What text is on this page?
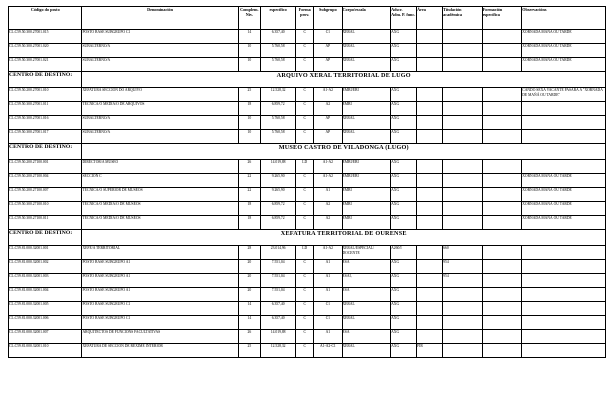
Código do posto	Denominación	Complem.
Niv.	específico	Forma
prov.	Subgrupo	Corpo/escala	Adscr.
Adm. P. func.	Área	Titulación
académica	Formación
específica	Observacións
CL.C59.50.300.27001.015	POSTO BASE SUBGRUPO C1	14	6.357,40	C	C1	XERAL	AXG				XORNADA MAÑA OU TARDE
CL.C59.50.300.27001.020	SUBALTERNO/A	10	5.760,58	C	AP	XERAL	AXG				XORNADA MAÑA OU TARDE
CL.C59.50.300.27001.021	SUBALTERNO/A	10	5.760,58	C	AP	XERAL	AXG				XORNADA MAÑA OU TARDE
CENTRO DE DESTINO:	ARQUIVO XERAL TERRITORIAL DE LUGO										
CL.C59.50.200.27001.010	XEFATURA SECCIÓN DO ARQUIVO	25	12.528,32	C	A1-A2	EMBI/EBI	AXG				CANDO SEXA VACANTE PASARÁ A "XORNADA DE MAÑÁ OU TARDE"
CL.C59.50.300.27001.011	TÉCNICA/O MEDIA/O DE ARQUIVOS	18	6.859,72	C	A2	EMBI	AXG				
CL.C59.50.300.27001.016	SUBALTERNO/A	10	5.760,58	C	AP	XERAL	AXG				
CL.C59.50.300.27001.017	SUBALTERNO/A	10	5.760,58	C	AP	XERAL	AXG				
CENTRO DE DESTINO:	MUSEO CASTRO DE VILADONGA (LUGO)										
CL.C59.50.200.27100.001	DIRECTOR/A MUSEO	26	14.019,88	LD	A1-A2	EMBI/EBI	AXG				
CL.C59.50.200.27100.004	SECCIÓN C	22	9.265,90	C	A1-A2	EMBI/EBI	AXG				XORNADA MAÑÁ OU TARDE
CL.C59.50.200.27100.007	TÉCNICA/O SUPERIOR DE MUSEOS	22	9.265,90	C	A1	EMBI	AXG				XORNADA MAÑÁ OU TARDE
CL.C59.50.300.27100.010	TÉCNICA/O MEDIA/O DE MUSEOS	18	6.859,72	C	A2	EMBI	AXG				XORNADA MAÑÁ OU TARDE
CL.C59.50.300.27100.011	TÉCNICA/O MEDIA/O DE MUSEOS	18	6.859,72	C	A2	EMBI	AXG				XORNADA MAÑÁ OU TARDE
CENTRO DE DESTINO:	XEFATURA TERRITORIAL DE OURENSE										
CL.C59.81.000.32001.001	XEFE/A TERRITORIAL	28	23.014,96	LD	A1-A2	XERAL/ESPECIAL/ DOCENTE	A260/I		660		
CL.C59.81.000.32001.002	POSTO BASE SUBGRUPO A1	20	7.551,04	C	A1	ESA	AXG		954		
CL.C59.81.000.32001.003	POSTO BASE SUBGRUPO A1	20	7.551,04	C	A1	ESAI,	AXG		954		
CL.C59.81.000.32001.004	POSTO BASE SUBGRUPO A1	20	7.551,04	C	A1	ESA	AXG				
CL.C59.81.000.32001.005	POSTO BASE SUBGRUPO C1	14	6.357,40	C	C1	XERAL	AXG				
CL.C59.81.000.32001.006	POSTO BASE SUBGRUPO C1	14	6.357,40	C	C1	XERAL	AXG				
CL.C59.81.000.32001.007	ARQUITECTOS DE FUNCIONS FACULTATIVAS	26	14.019,88	C	A1	ESA	AXG				
CL.C59.81.000.32001.010	XEFATURA DE SECCIÓN DE RÉXIME INTERIOR	25	12.528,32	C	A1-A2-C1	XERAL	AXG	FIR			
